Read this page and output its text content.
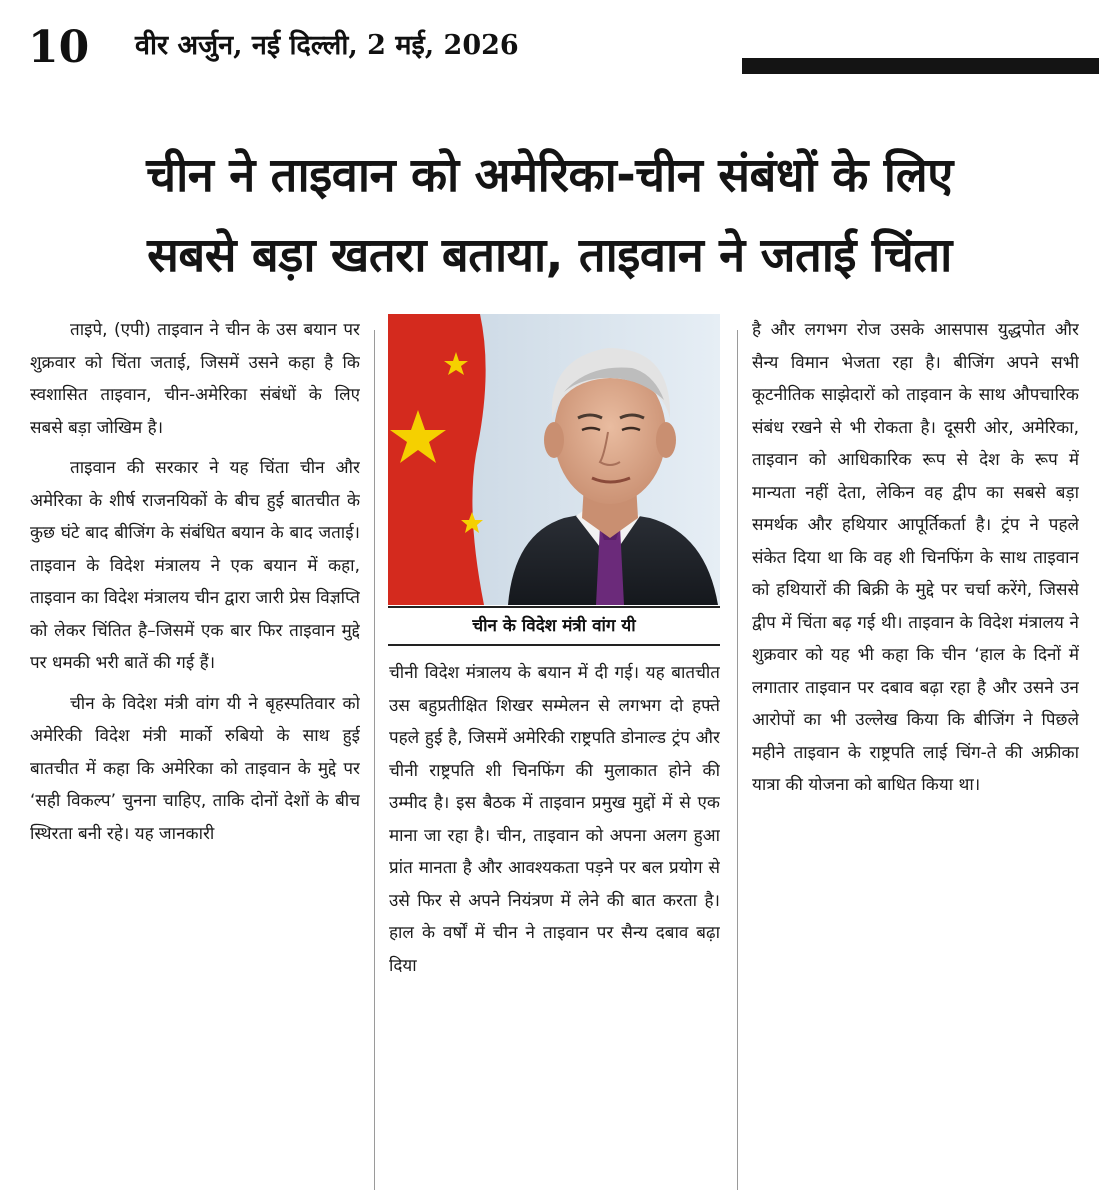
10 वीर अर्जुन, नई दिल्ली, 2 मई, 2026
चीन ने ताइवान को अमेरिका-चीन संबंधों के लिए
सबसे बड़ा खतरा बताया, ताइवान ने जताई चिंता

ताइपे, (एपी) ताइवान ने चीन के उस बयान पर शुक्रवार को चिंता जताई, जिसमें उसने कहा है कि स्वशासित ताइवान, चीन-अमेरिका संबंधों के लिए सबसे बड़ा जोखिम है।

ताइवान की सरकार ने यह चिंता चीन और अमेरिका के शीर्ष राजनयिकों के बीच हुई बातचीत के कुछ घंटे बाद बीजिंग के संबंधित बयान के बाद जताई।ताइवान के विदेश मंत्रालय ने एक बयान में कहा, ताइवान का विदेश मंत्रालय चीन द्वारा जारी प्रेस विज्ञप्ति को लेकर चिंतित है–जिसमें एक बार फिर ताइवान मुद्दे पर धमकी भरी बातें की गई हैं।

चीन के विदेश मंत्री वांग यी ने बृहस्पतिवार को अमेरिकी विदेश मंत्री मार्को रुबियो के साथ हुई बातचीत में कहा कि अमेरिका को ताइवान के मुद्दे पर ‘सही विकल्प’ चुनना चाहिए, ताकि दोनों देशों के बीच स्थिरता बनी रहे। यह जानकारी

चीन के विदेश मंत्री वांग यी

चीनी विदेश मंत्रालय के बयान में दी गई। यह बातचीत उस बहुप्रतीक्षित शिखर सम्मेलन से लगभग दो हफ्ते पहले हुई है, जिसमें अमेरिकी राष्ट्रपति डोनाल्ड ट्रंप और चीनी राष्ट्रपति शी चिनफिंग की मुलाकात होने की उम्मीद है। इस बैठक में ताइवान प्रमुख मुद्दों में से एक माना जा रहा है। चीन, ताइवान को अपना अलग हुआ प्रांत मानता है और आवश्यकता पड़ने पर बल प्रयोग से उसे फिर से अपने नियंत्रण में लेने की बात करता है। हाल के वर्षों में चीन ने ताइवान पर सैन्य दबाव बढ़ा दिया

है और लगभग रोज उसके आसपास युद्धपोत और सैन्य विमान भेजता रहा है। बीजिंग अपने सभी कूटनीतिक साझेदारों को ताइवान के साथ औपचारिक संबंध रखने से भी रोकता है। दूसरी ओर, अमेरिका, ताइवान को आधिकारिक रूप से देश के रूप में मान्यता नहीं देता, लेकिन वह द्वीप का सबसे बड़ा समर्थक और हथियार आपूर्तिकर्ता है। ट्रंप ने पहले संकेत दिया था कि वह शी चिनफिंग के साथ ताइवान को हथियारों की बिक्री के मुद्दे पर चर्चा करेंगे, जिससे द्वीप में चिंता बढ़ गई थी। ताइवान के विदेश मंत्रालय ने शुक्रवार को यह भी कहा कि चीन ‘हाल के दिनों में लगातार ताइवान पर दबाव बढ़ा रहा है और उसने उन आरोपों का भी उल्लेख किया कि बीजिंग ने पिछले महीने ताइवान के राष्ट्रपति लाई चिंग-ते की अफ्रीका यात्रा की योजना को बाधित किया था।
